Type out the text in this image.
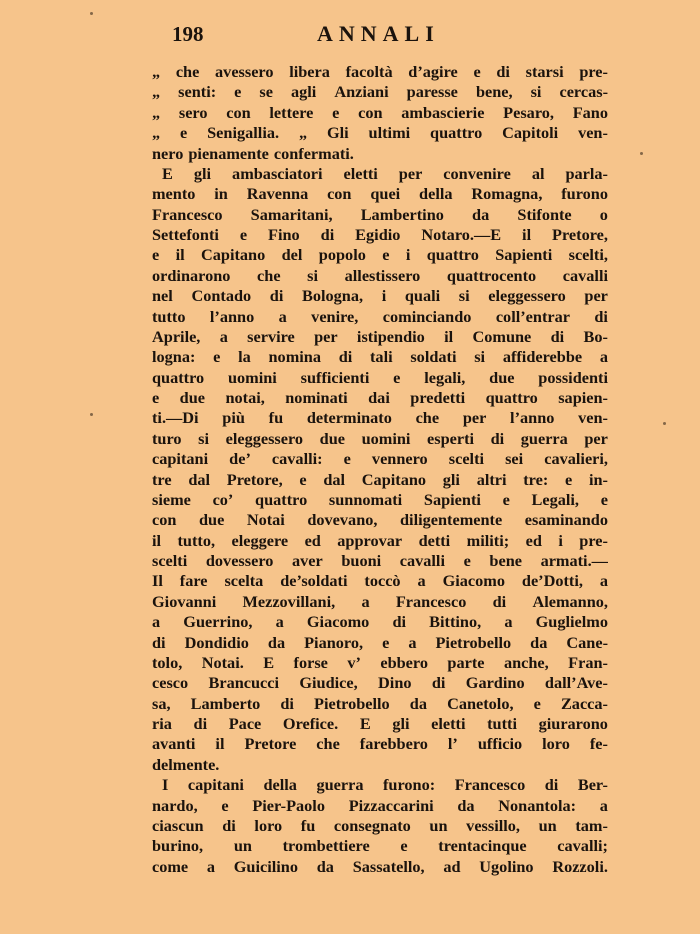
198	ANNALI
„ che avessero libera facoltà d’agire e di starsi pre-
„ senti: e se agli Anziani paresse bene, si cercas-
„ sero con lettere e con ambascierie Pesaro, Fano
„ e Senigallia. „ Gli ultimi quattro Capitoli ven-
nero pienamente confermati.
E gli ambasciatori eletti per convenire al parla-
mento in Ravenna con quei della Romagna, furono
Francesco Samaritani, Lambertino da Stifonte o
Settefonti e Fino di Egidio Notaro.—E il Pretore,
e il Capitano del popolo e i quattro Sapienti scelti,
ordinarono che si allestissero quattrocento cavalli
nel Contado di Bologna, i quali si eleggessero per
tutto l’anno a venire, cominciando coll’entrar di
Aprile, a servire per istipendio il Comune di Bo-
logna: e la nomina di tali soldati si affiderebbe a
quattro uomini sufficienti e legali, due possidenti
e due notai, nominati dai predetti quattro sapien-
ti.—Di più fu determinato che per l’anno ven-
turo si eleggessero due uomini esperti di guerra per
capitani de’ cavalli: e vennero scelti sei cavalieri,
tre dal Pretore, e dal Capitano gli altri tre: e in-
sieme co’ quattro sunnomati Sapienti e Legali, e
con due Notai dovevano, diligentemente esaminando
il tutto, eleggere ed approvar detti militi; ed i pre-
scelti dovessero aver buoni cavalli e bene armati.—
Il fare scelta de’soldati toccò a Giacomo de’Dotti, a
Giovanni Mezzovillani, a Francesco di Alemanno,
a Guerrino, a Giacomo di Bittino, a Guglielmo
di Dondidio da Pianoro, e a Pietrobello da Cane-
tolo, Notai. E forse v’ ebbero parte anche, Fran-
cesco Brancucci Giudice, Dino di Gardino dall’Ave-
sa, Lamberto di Pietrobello da Canetolo, e Zacca-
ria di Pace Orefice. E gli eletti tutti giurarono
avanti il Pretore che farebbero l’ ufficio loro fe-
delmente.
I capitani della guerra furono: Francesco di Ber-
nardo, e Pier-Paolo Pizzaccarini da Nonantola: a
ciascun di loro fu consegnato un vessillo, un tam-
burino, un trombettiere e trentacinque cavalli;
come a Guicilino da Sassatello, ad Ugolino Rozzoli.
